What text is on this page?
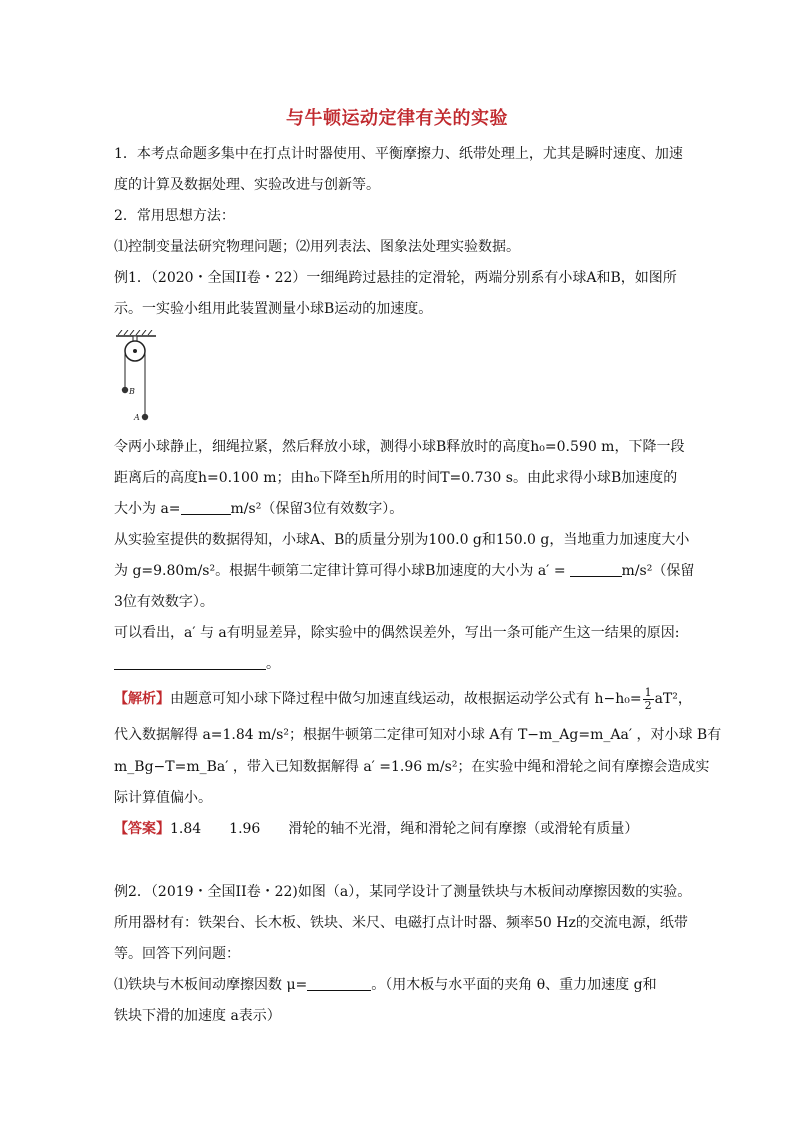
与牛顿运动定律有关的实验
1．本考点命题多集中在打点计时器使用、平衡摩擦力、纸带处理上，尤其是瞬时速度、加速
度的计算及数据处理、实验改进与创新等。
2．常用思想方法：
⑴控制变量法研究物理问题；⑵用列表法、图象法处理实验数据。
例1．（2020・全国II卷・22）一细绳跨过悬挂的定滑轮，两端分别系有小球A和B，如图所
示。一实验小组用此装置测量小球B运动的加速度。
B
A
令两小球静止，细绳拉紧，然后释放小球，测得小球B释放时的高度h₀=0.590 m，下降一段
距离后的高度h=0.100 m；由h₀下降至h所用的时间T=0.730 s。由此求得小球B加速度的
大小为 a=	m/s²（保留3位有效数字）。
从实验室提供的数据得知，小球A、B的质量分别为100.0 g和150.0 g，当地重力加速度大小
为 g=9.80m/s²。根据牛顿第二定律计算可得小球B加速度的大小为 a′ =	m/s²（保留
3位有效数字）。
可以看出，a′ 与 a有明显差异，除实验中的偶然误差外，写出一条可能产生这一结果的原因:
。
【解析】由题意可知小球下降过程中做匀加速直线运动，故根据运动学公式有 $h-h_0= \frac{1}{2} aT^2$，
代入数据解得 a=1.84 m/s²；根据牛顿第二定律可知对小球 A有 T−m_Ag=m_Aa′ ，对小球 B有
m_Bg−T=m_Ba′ ，带入已知数据解得 a′ =1.96 m/s²；在实验中绳和滑轮之间有摩擦会造成实
际计算值偏小。
【答案】1.84　　1.96　　滑轮的轴不光滑，绳和滑轮之间有摩擦（或滑轮有质量）
例2．（2019・全国II卷・22)如图（a），某同学设计了测量铁块与木板间动摩擦因数的实验。
所用器材有：铁架台、长木板、铁块、米尺、电磁打点计时器、频率50 Hz的交流电源，纸带
等。回答下列问题：
⑴铁块与木板间动摩擦因数 μ=	。（用木板与水平面的夹角 θ、重力加速度 g和
铁块下滑的加速度 a表示）
